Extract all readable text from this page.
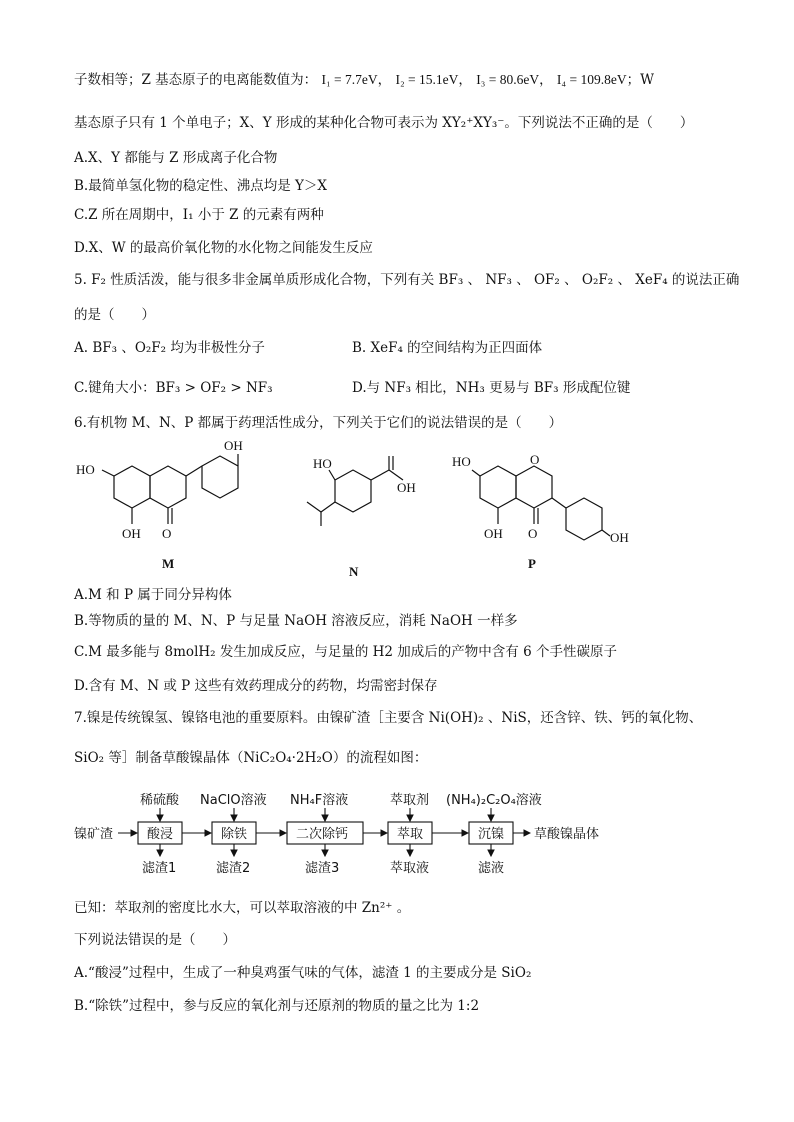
子数相等；Z 基态原子的电离能数值为： I₁ = 7.7eV， I₂ = 15.1eV， I₃ = 80.6eV， I₄ = 109.8eV；W
基态原子只有 1 个单电子；X、Y 形成的某种化合物可表示为 XY₂⁺XY₃⁻。下列说法不正确的是（　　）
A.X、Y 都能与 Z 形成离子化合物
B.最简单氢化物的稳定性、沸点均是 Y＞X
C.Z 所在周期中，I₁ 小于 Z 的元素有两种
D.X、W 的最高价氧化物的水化物之间能发生反应
5. F₂ 性质活泼，能与很多非金属单质形成化合物，下列有关 BF₃ 、 NF₃ 、 OF₂ 、 O₂F₂ 、 XeF₄ 的说法正确
的是（　　）
A. BF₃ 、O₂F₂ 均为非极性分子	B. XeF₄ 的空间结构为正四面体
C.键角大小：BF₃ > OF₂ > NF₃	D.与 NF₃ 相比，NH₃ 更易与 BF₃ 形成配位键
6.有机物 M、N、P 都属于药理活性成分，下列关于它们的说法错误的是（　　）
OH
HO
OH O
M
HO
OH
N
HO	O
OH O	OH
P
A.M 和 P 属于同分异构体
B.等物质的量的 M、N、P 与足量 NaOH 溶液反应，消耗 NaOH 一样多
C.M 最多能与 8molH₂ 发生加成反应，与足量的 H2 加成后的产物中含有 6 个手性碳原子
D.含有 M、N 或 P 这些有效药理成分的药物，均需密封保存
7.镍是传统镍氢、镍铬电池的重要原料。由镍矿渣［主要含 Ni(OH)₂ 、NiS，还含锌、铁、钙的氧化物、
SiO₂ 等］制备草酸镍晶体（NiC₂O₄·2H₂O）的流程如图：
镍矿渣	草酸镍晶体
酸浸	除铁	二次除钙	萃取	沉镍
稀硫酸 NaClO溶液 NH₄F溶液	萃取剂 (NH₄)₂C₂O₄溶液
滤渣1	滤渣2	滤渣3	萃取液	滤液
已知：萃取剂的密度比水大，可以萃取溶液的中 Zn²⁺ 。
下列说法错误的是（　　）
A.“酸浸”过程中，生成了一种臭鸡蛋气味的气体，滤渣 1 的主要成分是 SiO₂
B.“除铁”过程中，参与反应的氧化剂与还原剂的物质的量之比为 1:2
